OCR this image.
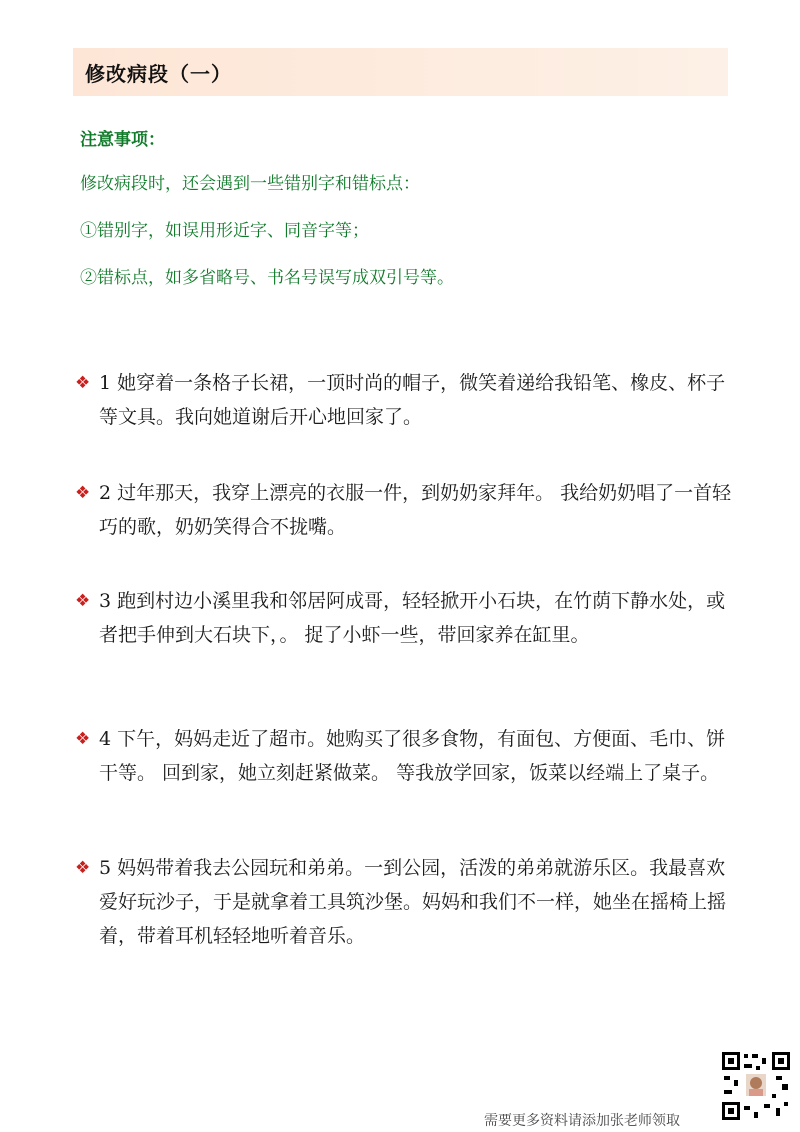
修改病段（一）

注意事项：

修改病段时，还会遇到一些错别字和错标点：

①错别字，如误用形近字、同音字等；

②错标点，如多省略号、书名号误写成双引号等。

❖ 1 她穿着一条格子长裙，一顶时尚的帽子，微笑着递给我铅笔、橡皮、杯子等文具。我向她道谢后开心地回家了。
❖ 2 过年那天，我穿上漂亮的衣服一件，到奶奶家拜年。 我给奶奶唱了一首轻巧的歌，奶奶笑得合不拢嘴。
❖ 3 跑到村边小溪里我和邻居阿成哥，轻轻掀开小石块，在竹荫下静水处，或者把手伸到大石块下，。 捉了小虾一些，带回家养在缸里。
❖ 4 下午，妈妈走近了超市。她购买了很多食物，有面包、方便面、毛巾、饼干等。 回到家，她立刻赶紧做菜。 等我放学回家，饭菜以经端上了桌子。
❖ 5 妈妈带着我去公园玩和弟弟。一到公园，活泼的弟弟就游乐区。我最喜欢爱好玩沙子，于是就拿着工具筑沙堡。妈妈和我们不一样，她坐在摇椅上摇着，带着耳机轻轻地听着音乐。
需要更多资料请添加张老师领取
